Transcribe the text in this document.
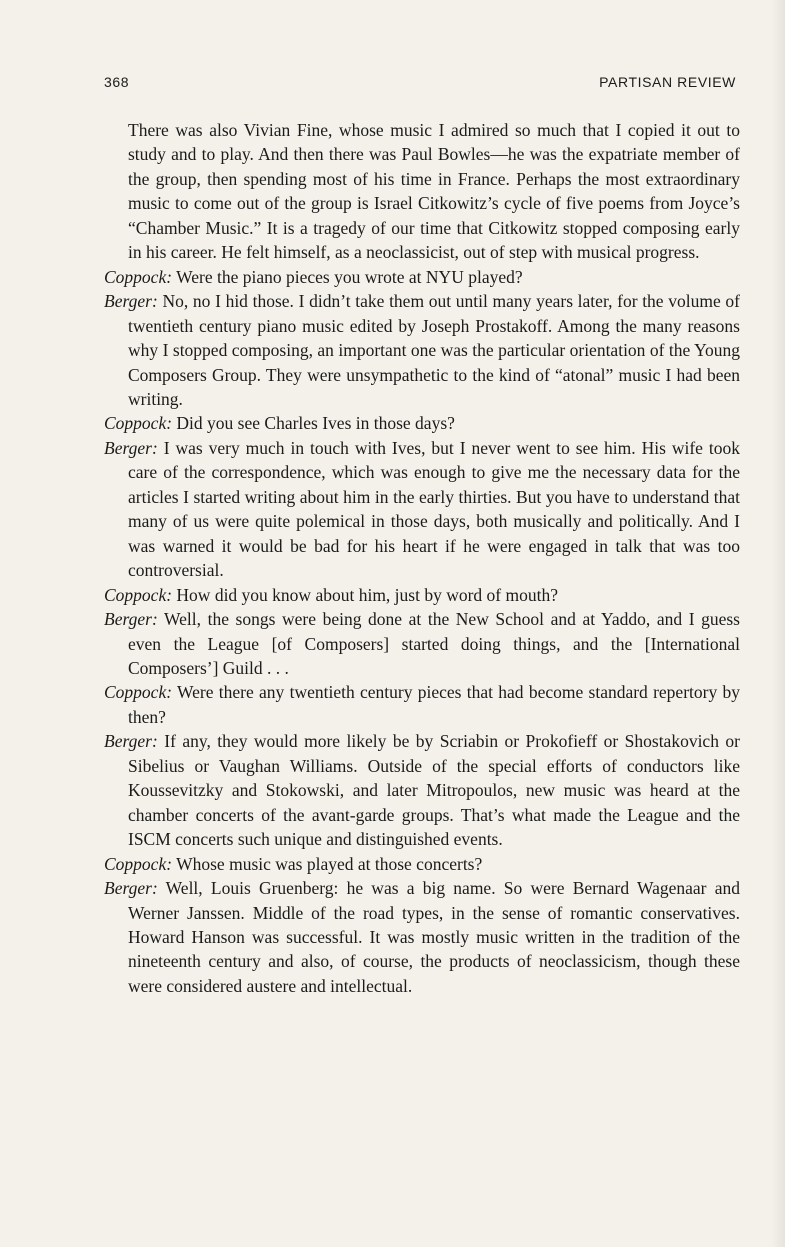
368	PARTISAN REVIEW

There was also Vivian Fine, whose music I admired so much that I copied it out to study and to play. And then there was Paul Bowles—he was the expatriate member of the group, then spending most of his time in France. Perhaps the most extraordinary music to come out of the group is Israel Citkowitz’s cycle of five poems from Joyce’s “Chamber Music.” It is a tragedy of our time that Citkowitz stopped composing early in his career. He felt himself, as a neoclassicist, out of step with musical progress.

Coppock: Were the piano pieces you wrote at NYU played?

Berger: No, no I hid those. I didn’t take them out until many years later, for the volume of twentieth century piano music edited by Joseph Prostakoff. Among the many reasons why I stopped composing, an important one was the particular orientation of the Young Composers Group. They were unsympathetic to the kind of “atonal” music I had been writing.

Coppock: Did you see Charles Ives in those days?

Berger: I was very much in touch with Ives, but I never went to see him. His wife took care of the correspondence, which was enough to give me the necessary data for the articles I started writing about him in the early thirties. But you have to understand that many of us were quite polemical in those days, both musically and politically. And I was warned it would be bad for his heart if he were engaged in talk that was too controversial.

Coppock: How did you know about him, just by word of mouth?

Berger: Well, the songs were being done at the New School and at Yaddo, and I guess even the League [of Composers] started doing things, and the [International Composers’] Guild . . .

Coppock: Were there any twentieth century pieces that had become standard repertory by then?

Berger: If any, they would more likely be by Scriabin or Prokofieff or Shostakovich or Sibelius or Vaughan Williams. Outside of the special efforts of conductors like Koussevitzky and Stokowski, and later Mitropoulos, new music was heard at the chamber concerts of the avant-garde groups. That’s what made the League and the ISCM concerts such unique and distinguished events.

Coppock: Whose music was played at those concerts?

Berger: Well, Louis Gruenberg: he was a big name. So were Bernard Wagenaar and Werner Janssen. Middle of the road types, in the sense of romantic conservatives. Howard Hanson was successful. It was mostly music written in the tradition of the nineteenth century and also, of course, the products of neoclassicism, though these were considered austere and intellectual.
